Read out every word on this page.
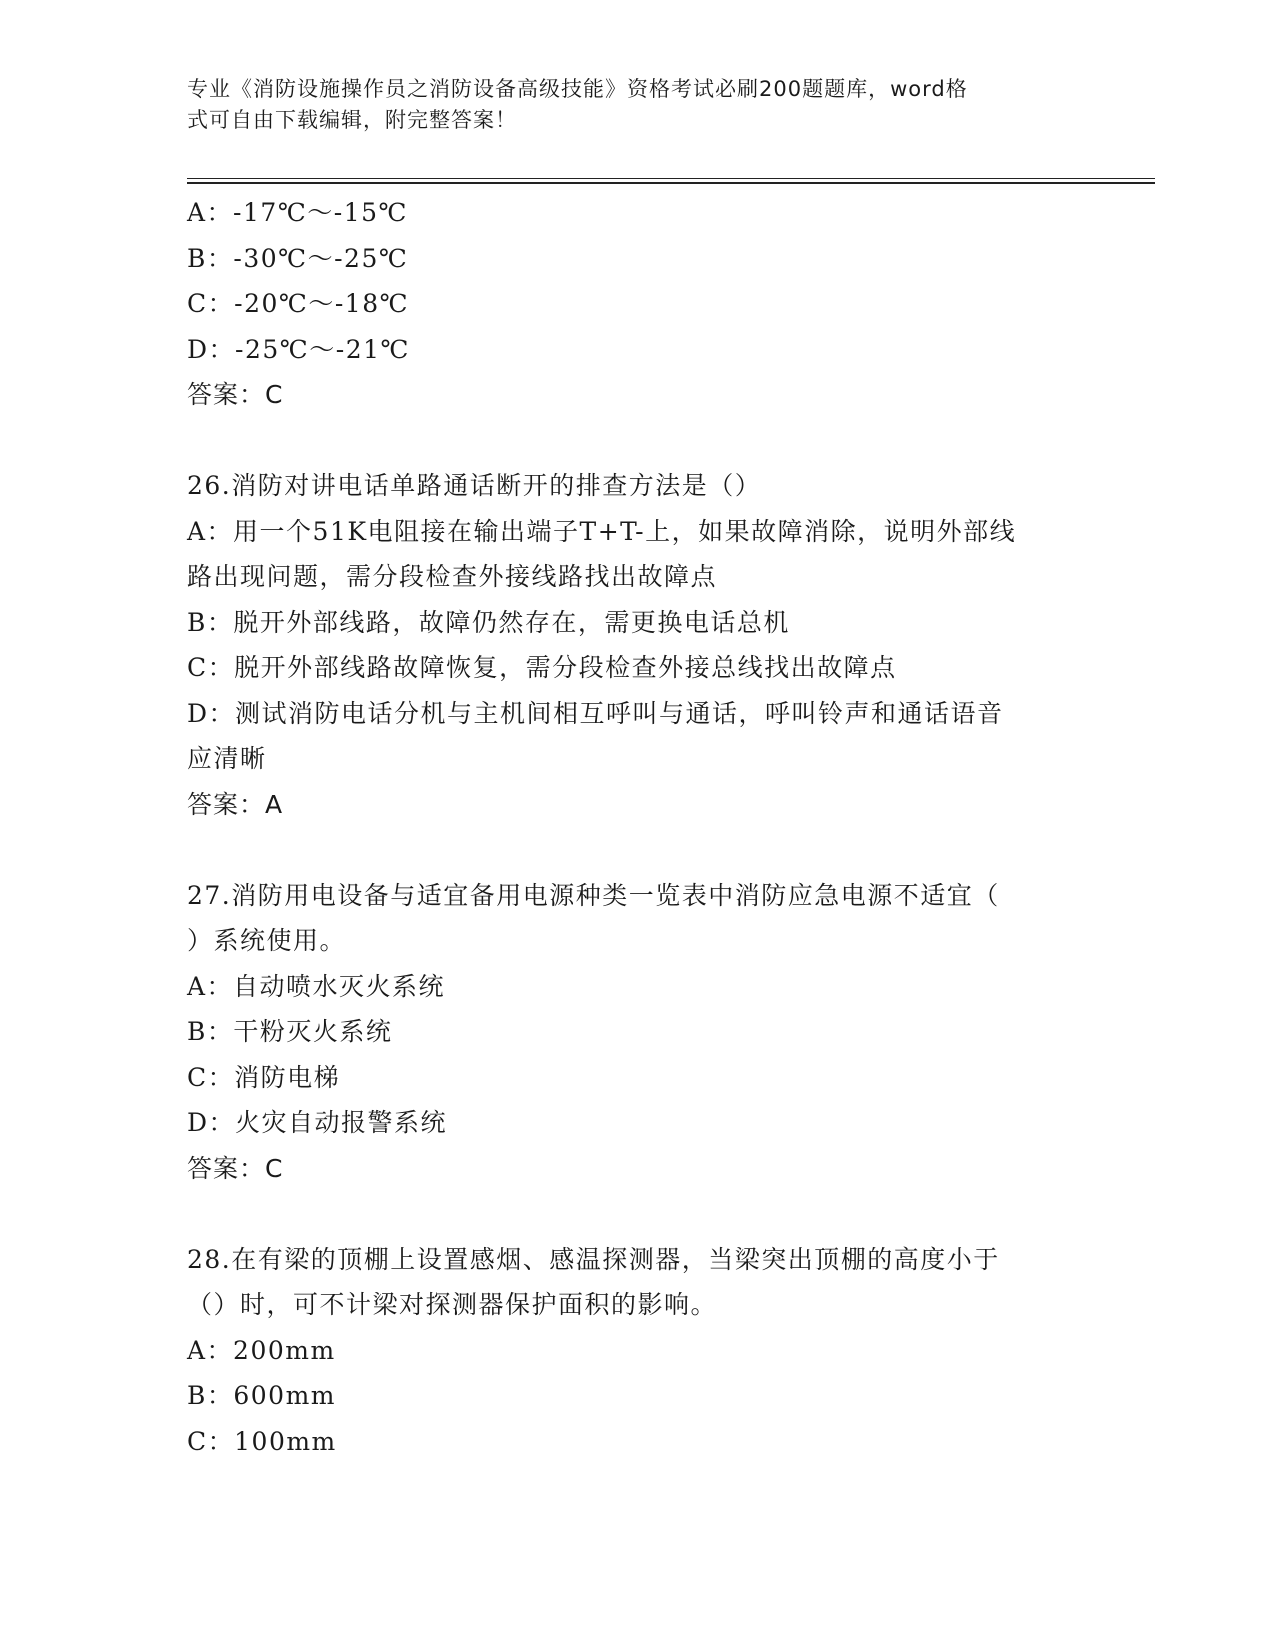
专业《消防设施操作员之消防设备高级技能》资格考试必刷200题题库，word格
式可自由下载编辑，附完整答案！
A：-17℃～-15℃
B：-30℃～-25℃
C：-20℃～-18℃
D：-25℃～-21℃
答案：C
26.消防对讲电话单路通话断开的排查方法是（）
A：用一个51K电阻接在输出端子T+T-上，如果故障消除，说明外部线
路出现问题，需分段检查外接线路找出故障点
B：脱开外部线路，故障仍然存在，需更换电话总机
C：脱开外部线路故障恢复，需分段检查外接总线找出故障点
D：测试消防电话分机与主机间相互呼叫与通话，呼叫铃声和通话语音
应清晰
答案：A
27.消防用电设备与适宜备用电源种类一览表中消防应急电源不适宜（
）系统使用。
A：自动喷水灭火系统
B：干粉灭火系统
C：消防电梯
D：火灾自动报警系统
答案：C
28.在有梁的顶棚上设置感烟、感温探测器，当梁突出顶棚的高度小于
（）时，可不计梁对探测器保护面积的影响。
A：200mm
B：600mm
C：100mm
